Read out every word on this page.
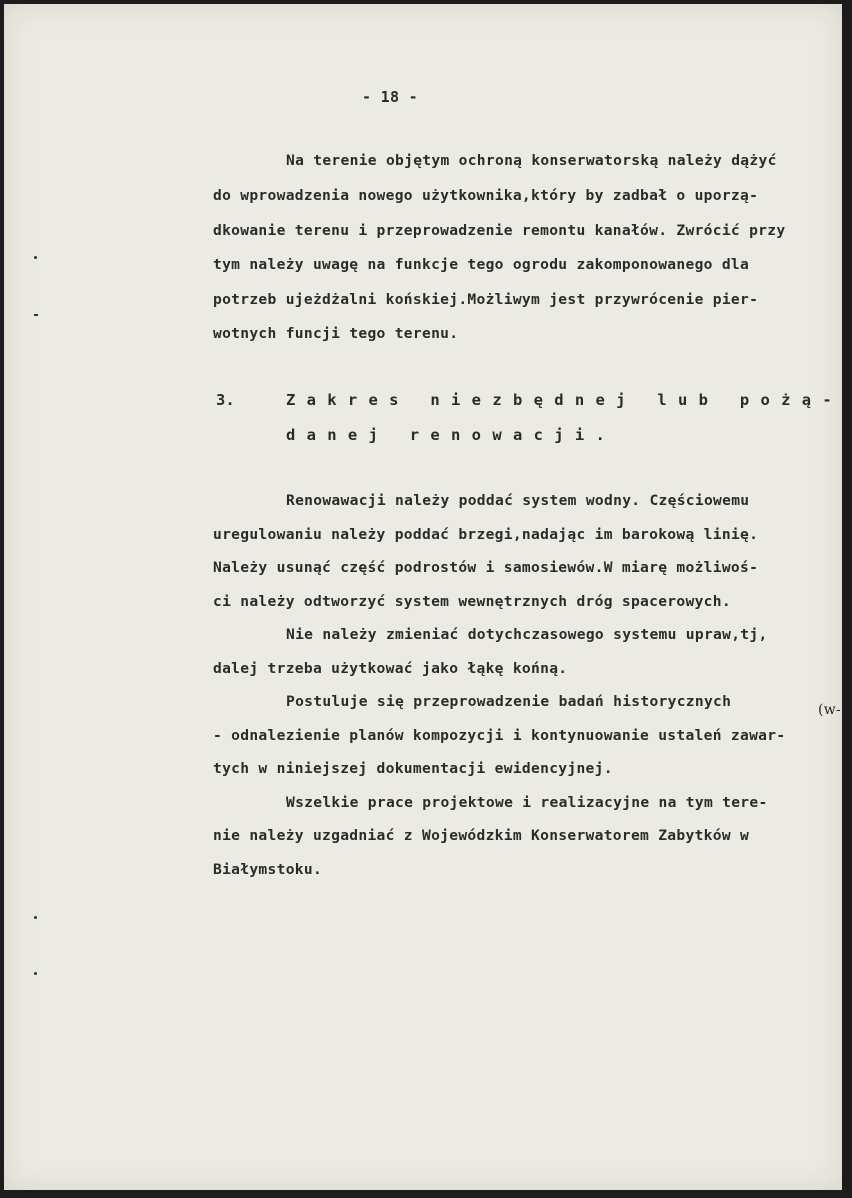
- 18 -
Na terenie objętym ochroną konserwatorską należy dążyć
do wprowadzenia nowego użytkownika,który by zadbał o uporzą-
dkowanie terenu i przeprowadzenie remontu kanałów. Zwrócić przy
tym należy uwagę na funkcje tego ogrodu zakomponowanego dla
potrzeb ujeżdżalni końskiej.Możliwym jest przywrócenie pier-
wotnych funcji tego terenu.
3.	Zakres niezbędnej lub pożą-
danej renowacji.
Renowawacji należy poddać system wodny. Częściowemu
uregulowaniu należy poddać brzegi,nadając im barokową linię.
Należy usunąć część podrostów i samosiewów.W miarę możliwoś-
ci należy odtworzyć system wewnętrznych dróg spacerowych.
Nie należy zmieniać dotychczasowego systemu upraw,tj,
dalej trzeba użytkować jako łąkę końną.
Postuluje się przeprowadzenie badań historycznych
- odnalezienie planów kompozycji i kontynuowanie ustaleń zawar-
tych w niniejszej dokumentacji ewidencyjnej.
Wszelkie prace projektowe i realizacyjne na tym tere-
nie należy uzgadniać z Wojewódzkim Konserwatorem Zabytków w
Białymstoku.
(w-
